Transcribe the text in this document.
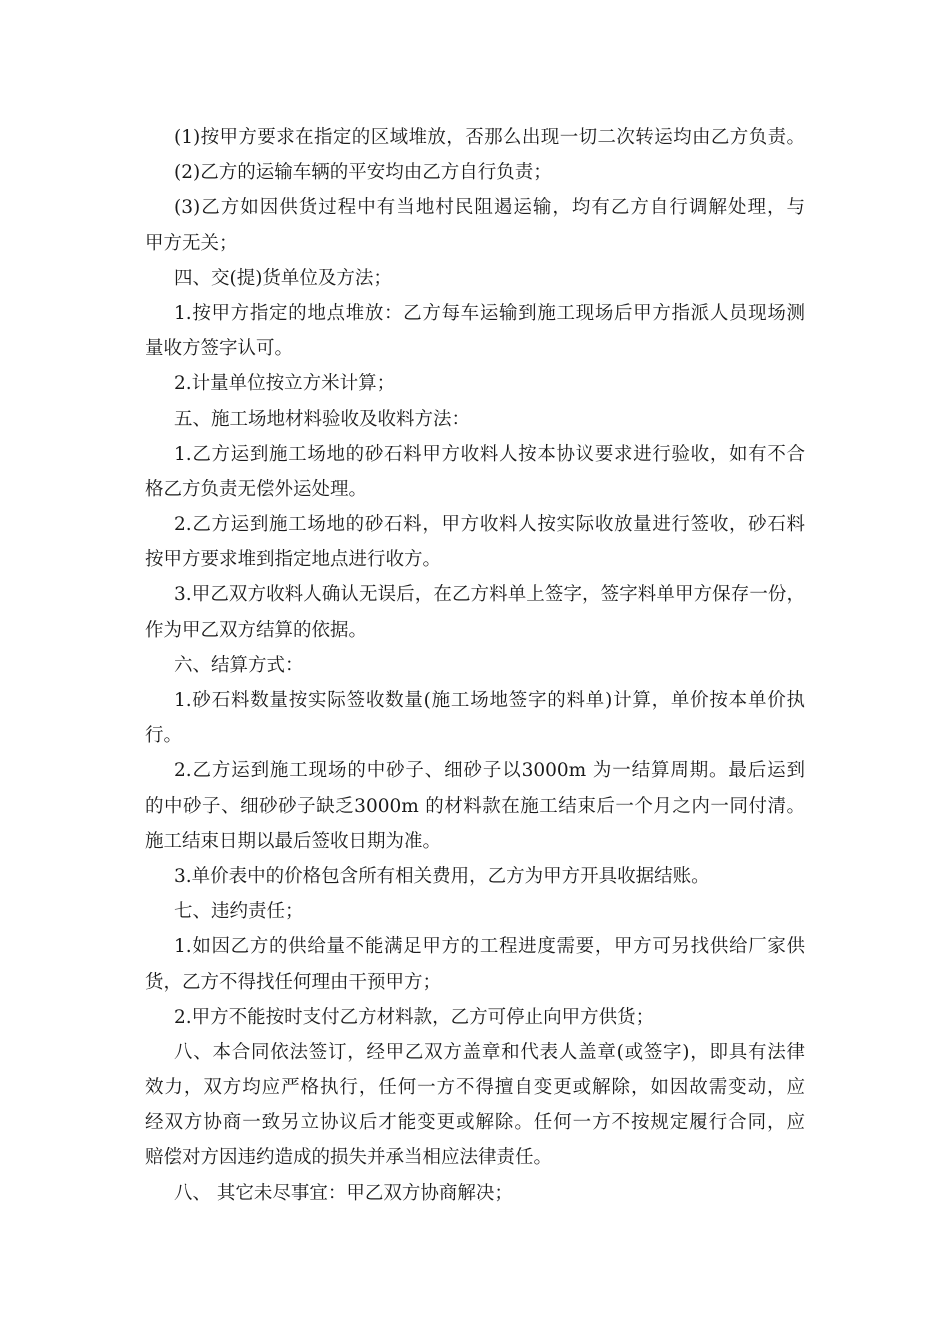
(1)按甲方要求在指定的区域堆放，否那么出现一切二次转运均由乙方负责。
(2)乙方的运输车辆的平安均由乙方自行负责；
(3)乙方如因供货过程中有当地村民阻遏运输，均有乙方自行调解处理，与
甲方无关；
四、交(提)货单位及方法；
1.按甲方指定的地点堆放：乙方每车运输到施工现场后甲方指派人员现场测
量收方签字认可。
2.计量单位按立方米计算；
五、施工场地材料验收及收料方法：
1.乙方运到施工场地的砂石料甲方收料人按本协议要求进行验收，如有不合
格乙方负责无偿外运处理。
2.乙方运到施工场地的砂石料，甲方收料人按实际收放量进行签收，砂石料
按甲方要求堆到指定地点进行收方。
3.甲乙双方收料人确认无误后，在乙方料单上签字，签字料单甲方保存一份，
作为甲乙双方结算的依据。
六、结算方式：
1.砂石料数量按实际签收数量(施工场地签字的料单)计算，单价按本单价执
行。
2.乙方运到施工现场的中砂子、细砂子以3000m 为一结算周期。最后运到
的中砂子、细砂砂子缺乏3000m 的材料款在施工结束后一个月之内一同付清。
施工结束日期以最后签收日期为准。
3.单价表中的价格包含所有相关费用，乙方为甲方开具收据结账。
七、违约责任；
1.如因乙方的供给量不能满足甲方的工程进度需要，甲方可另找供给厂家供
货，乙方不得找任何理由干预甲方；
2.甲方不能按时支付乙方材料款，乙方可停止向甲方供货；
八、本合同依法签订，经甲乙双方盖章和代表人盖章(或签字)，即具有法律
效力，双方均应严格执行，任何一方不得擅自变更或解除，如因故需变动，应
经双方协商一致另立协议后才能变更或解除。任何一方不按规定履行合同，应
赔偿对方因违约造成的损失并承当相应法律责任。
八、 其它未尽事宜：甲乙双方协商解决；
